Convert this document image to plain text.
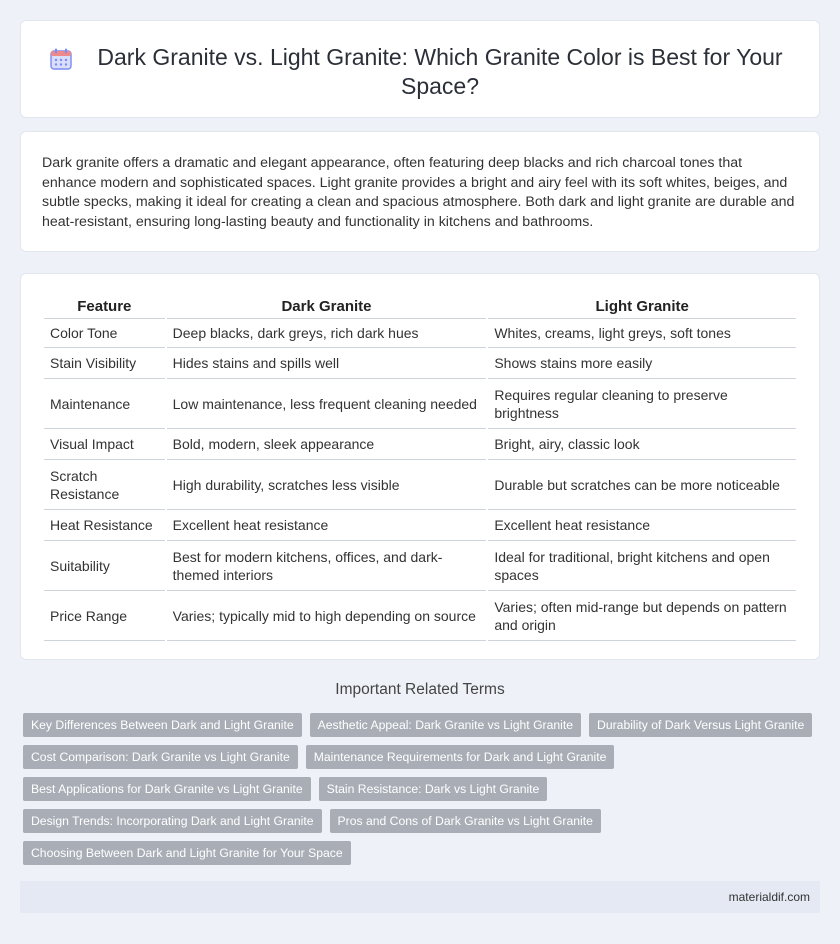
Dark Granite vs. Light Granite: Which Granite Color is Best for Your Space?

Dark granite offers a dramatic and elegant appearance, often featuring deep blacks and rich charcoal tones that enhance modern and sophisticated spaces. Light granite provides a bright and airy feel with its soft whites, beiges, and subtle specks, making it ideal for creating a clean and spacious atmosphere. Both dark and light granite are durable and heat-resistant, ensuring long-lasting beauty and functionality in kitchens and bathrooms.

Feature	Dark Granite	Light Granite
Color Tone	Deep blacks, dark greys, rich dark hues	Whites, creams, light greys, soft tones
Stain Visibility	Hides stains and spills well	Shows stains more easily
Maintenance	Low maintenance, less frequent cleaning needed	Requires regular cleaning to preserve brightness
Visual Impact	Bold, modern, sleek appearance	Bright, airy, classic look
Scratch Resistance	High durability, scratches less visible	Durable but scratches can be more noticeable
Heat Resistance	Excellent heat resistance	Excellent heat resistance
Suitability	Best for modern kitchens, offices, and dark-themed interiors	Ideal for traditional, bright kitchens and open spaces
Price Range	Varies; typically mid to high depending on source	Varies; often mid-range but depends on pattern and origin
Important Related Terms
Key Differences Between Dark and Light Granite	Aesthetic Appeal: Dark Granite vs Light Granite	Durability of Dark Versus Light Granite
Cost Comparison: Dark Granite vs Light Granite	Maintenance Requirements for Dark and Light Granite
Best Applications for Dark Granite vs Light Granite	Stain Resistance: Dark vs Light Granite
Design Trends: Incorporating Dark and Light Granite	Pros and Cons of Dark Granite vs Light Granite
Choosing Between Dark and Light Granite for Your Space
materialdif.com
